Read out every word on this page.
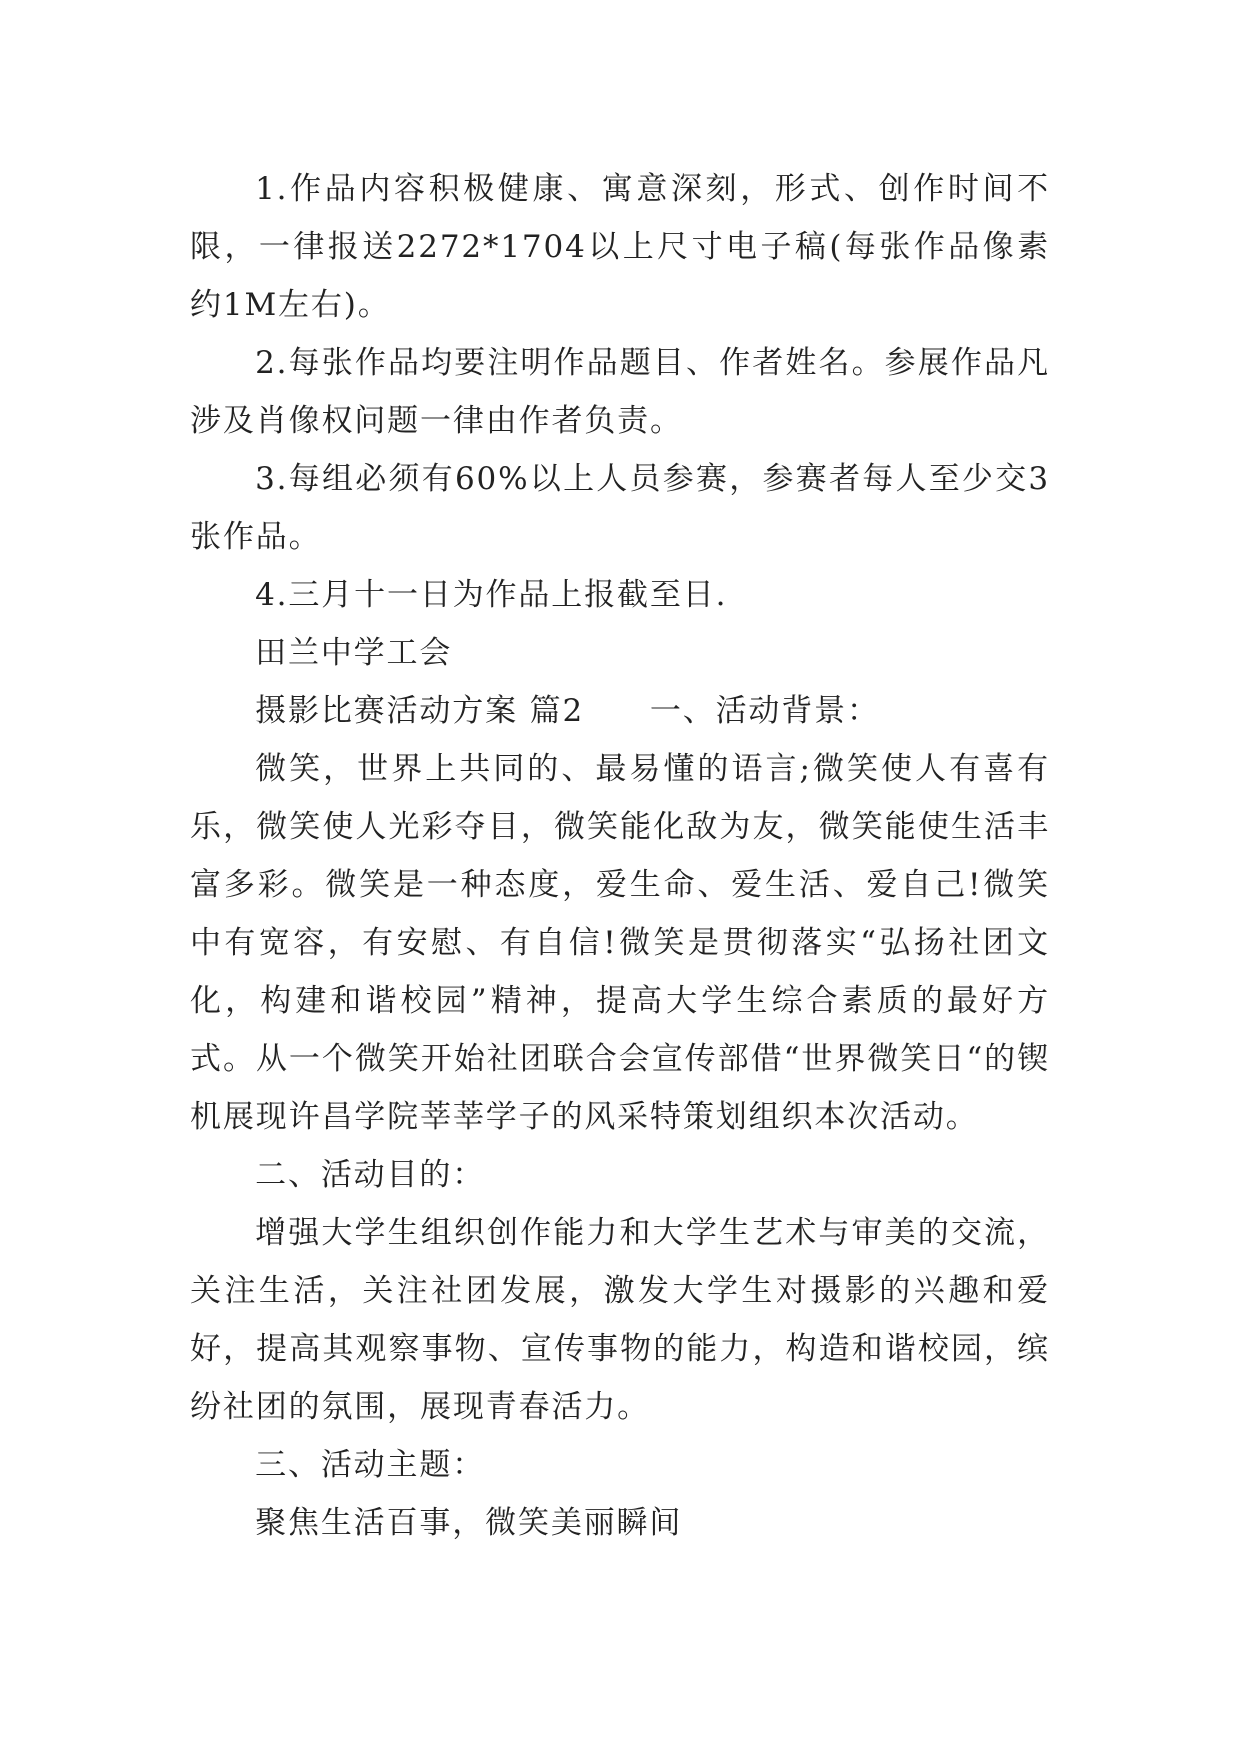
1.作品内容积极健康、寓意深刻，形式、创作时间不限，一律报送2272*1704以上尺寸电子稿(每张作品像素约1M左右)。

2.每张作品均要注明作品题目、作者姓名。参展作品凡涉及肖像权问题一律由作者负责。

3.每组必须有60%以上人员参赛，参赛者每人至少交3张作品。

4.三月十一日为作品上报截至日.

田兰中学工会

摄影比赛活动方案 篇2　　一、活动背景：

微笑，世界上共同的、最易懂的语言;微笑使人有喜有乐，微笑使人光彩夺目，微笑能化敌为友，微笑能使生活丰富多彩。微笑是一种态度，爱生命、爱生活、爱自己!微笑中有宽容，有安慰、有自信!微笑是贯彻落实“弘扬社团文化，构建和谐校园”精神，提高大学生综合素质的最好方式。从一个微笑开始社团联合会宣传部借“世界微笑日“的锲机展现许昌学院莘莘学子的风采特策划组织本次活动。

二、活动目的：

增强大学生组织创作能力和大学生艺术与审美的交流，关注生活，关注社团发展，激发大学生对摄影的兴趣和爱好，提高其观察事物、宣传事物的能力，构造和谐校园，缤纷社团的氛围，展现青春活力。

三、活动主题：

聚焦生活百事，微笑美丽瞬间
